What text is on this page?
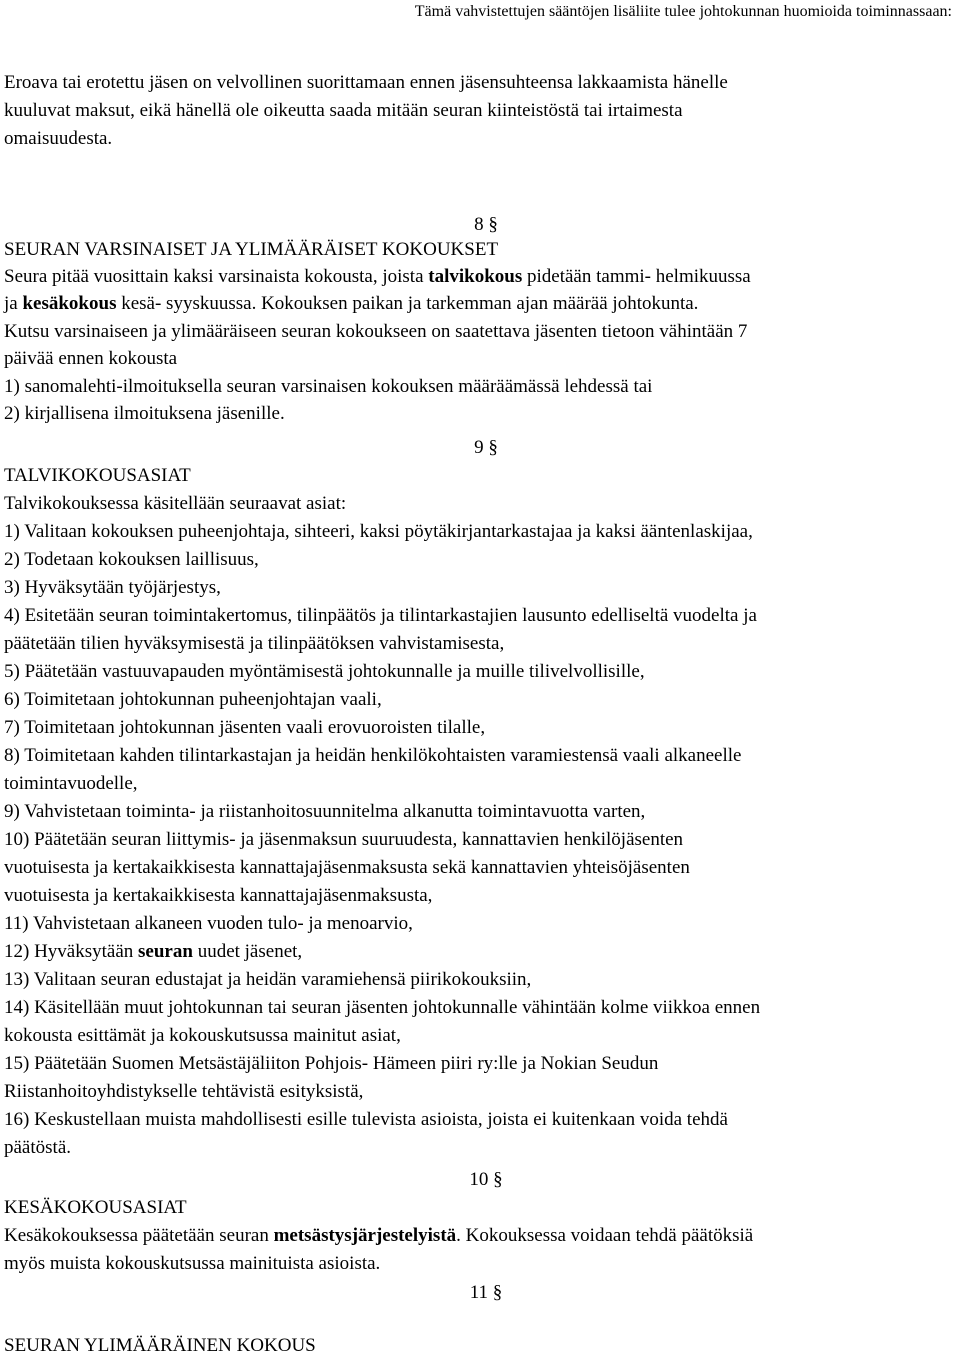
Tämä vahvistettujen sääntöjen lisäliite tulee johtokunnan huomioida toiminnassaan:
Eroava tai erotettu jäsen on velvollinen suorittamaan ennen jäsensuhteensa lakkaamista hänelle
kuuluvat maksut, eikä hänellä ole oikeutta saada mitään seuran kiinteistöstä tai irtaimesta
omaisuudesta.
8 §
SEURAN VARSINAISET JA YLIMÄÄRÄISET KOKOUKSET
Seura pitää vuosittain kaksi varsinaista kokousta, joista talvikokous pidetään tammi- helmikuussa
ja kesäkokous kesä- syyskuussa. Kokouksen paikan ja tarkemman ajan määrää johtokunta.
Kutsu varsinaiseen ja ylimääräiseen seuran kokoukseen on saatettava jäsenten tietoon vähintään 7
päivää ennen kokousta
1) sanomalehti-ilmoituksella seuran varsinaisen kokouksen määräämässä lehdessä tai
2) kirjallisena ilmoituksena jäsenille.
9 §
TALVIKOKOUSASIAT
Talvikokouksessa käsitellään seuraavat asiat:
1) Valitaan kokouksen puheenjohtaja, sihteeri, kaksi pöytäkirjantarkastajaa ja kaksi ääntenlaskijaa,
2) Todetaan kokouksen laillisuus,
3) Hyväksytään työjärjestys,
4) Esitetään seuran toimintakertomus, tilinpäätös ja tilintarkastajien lausunto edelliseltä vuodelta ja
päätetään tilien hyväksymisestä ja tilinpäätöksen vahvistamisesta,
5) Päätetään vastuuvapauden myöntämisestä johtokunnalle ja muille tilivelvollisille,
6) Toimitetaan johtokunnan puheenjohtajan vaali,
7) Toimitetaan johtokunnan jäsenten vaali erovuoroisten tilalle,
8) Toimitetaan kahden tilintarkastajan ja heidän henkilökohtaisten varamiestensä vaali alkaneelle
toimintavuodelle,
9) Vahvistetaan toiminta- ja riistanhoitosuunnitelma alkanutta toimintavuotta varten,
10) Päätetään seuran liittymis- ja jäsenmaksun suuruudesta, kannattavien henkilöjäsenten
vuotuisesta ja kertakaikkisesta kannattajajäsenmaksusta sekä kannattavien yhteisöjäsenten
vuotuisesta ja kertakaikkisesta kannattajajäsenmaksusta,
11) Vahvistetaan alkaneen vuoden tulo- ja menoarvio,
12) Hyväksytään seuran uudet jäsenet,
13) Valitaan seuran edustajat ja heidän varamiehensä piirikokouksiin,
14) Käsitellään muut johtokunnan tai seuran jäsenten johtokunnalle vähintään kolme viikkoa ennen
kokousta esittämät ja kokouskutsussa mainitut asiat,
15) Päätetään Suomen Metsästäjäliiton Pohjois- Hämeen piiri ry:lle ja Nokian Seudun
Riistanhoitoyhdistykselle tehtävistä esityksistä,
16) Keskustellaan muista mahdollisesti esille tulevista asioista, joista ei kuitenkaan voida tehdä
päätöstä.
10 §
KESÄKOKOUSASIAT
Kesäkokouksessa päätetään seuran metsästysjärjestelyistä. Kokouksessa voidaan tehdä päätöksiä
myös muista kokouskutsussa mainituista asioista.
11 §
SEURAN YLIMÄÄRÄINEN KOKOUS
